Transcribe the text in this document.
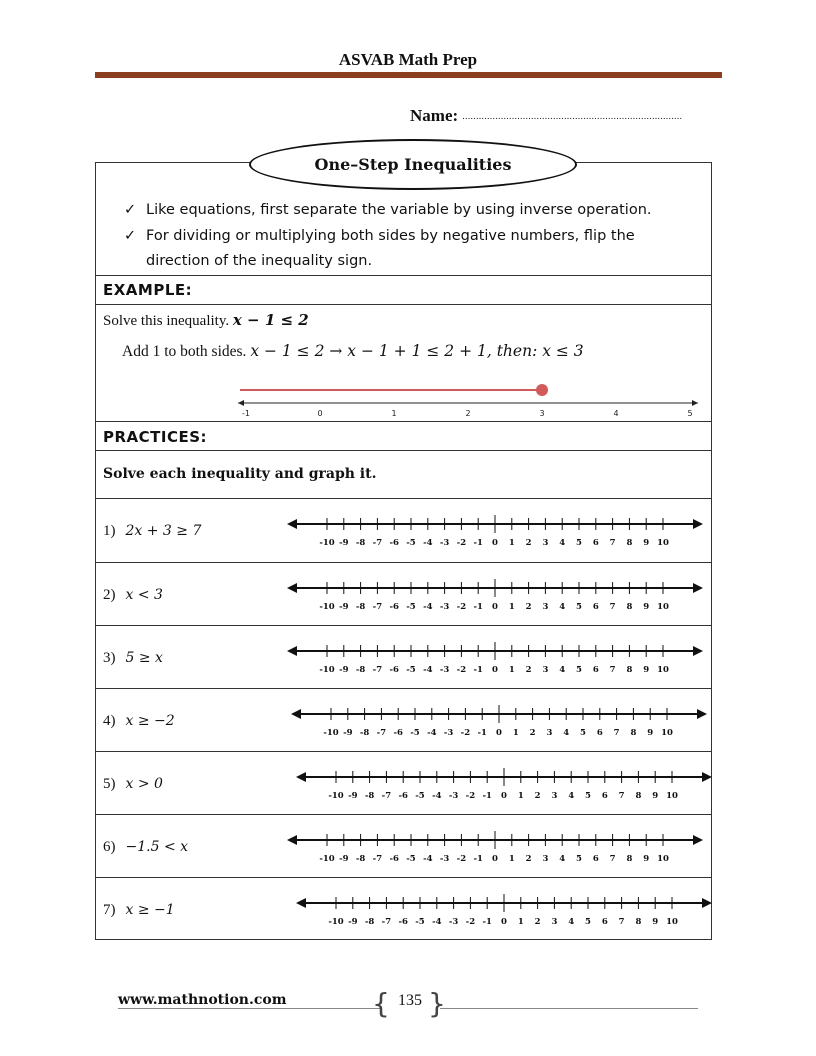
ASVAB Math Prep
Name: ................................................................................
One–Step Inequalities
✓ Like equations, first separate the variable by using inverse operation.
✓ For dividing or multiplying both sides by negative numbers, flip the
direction of the inequality sign.
EXAMPLE:
Solve this inequality. x − 1 ≤ 2
Add 1 to both sides. x − 1 ≤ 2 → x − 1 + 1 ≤ 2 + 1, then: x ≤ 3
-1	0	1	2	3	4	5
PRACTICES:
Solve each inequality and graph it.
1) 2x + 3 ≥ 7
-10 -9 -8 -7 -6 -5 -4 -3 -2 -1 0 1 2 3 4 5 6 7 8 9 10
2) x < 3
-10 -9 -8 -7 -6 -5 -4 -3 -2 -1 0 1 2 3 4 5 6 7 8 9 10
3) 5 ≥ x
-10 -9 -8 -7 -6 -5 -4 -3 -2 -1 0 1 2 3 4 5 6 7 8 9 10
4) x ≥ −2
-10 -9 -8 -7 -6 -5 -4 -3 -2 -1 0 1 2 3 4 5 6 7 8 9 10
5) x > 0
-10 -9 -8 -7 -6 -5 -4 -3 -2 -1 0 1 2 3 4 5 6 7 8 9 10
6) −1.5 < x
-10 -9 -8 -7 -6 -5 -4 -3 -2 -1 0 1 2 3 4 5 6 7 8 9 10
7) x ≥ −1
-10 -9 -8 -7 -6 -5 -4 -3 -2 -1 0 1 2 3 4 5 6 7 8 9 10
www.mathnotion.com	{ }
135
